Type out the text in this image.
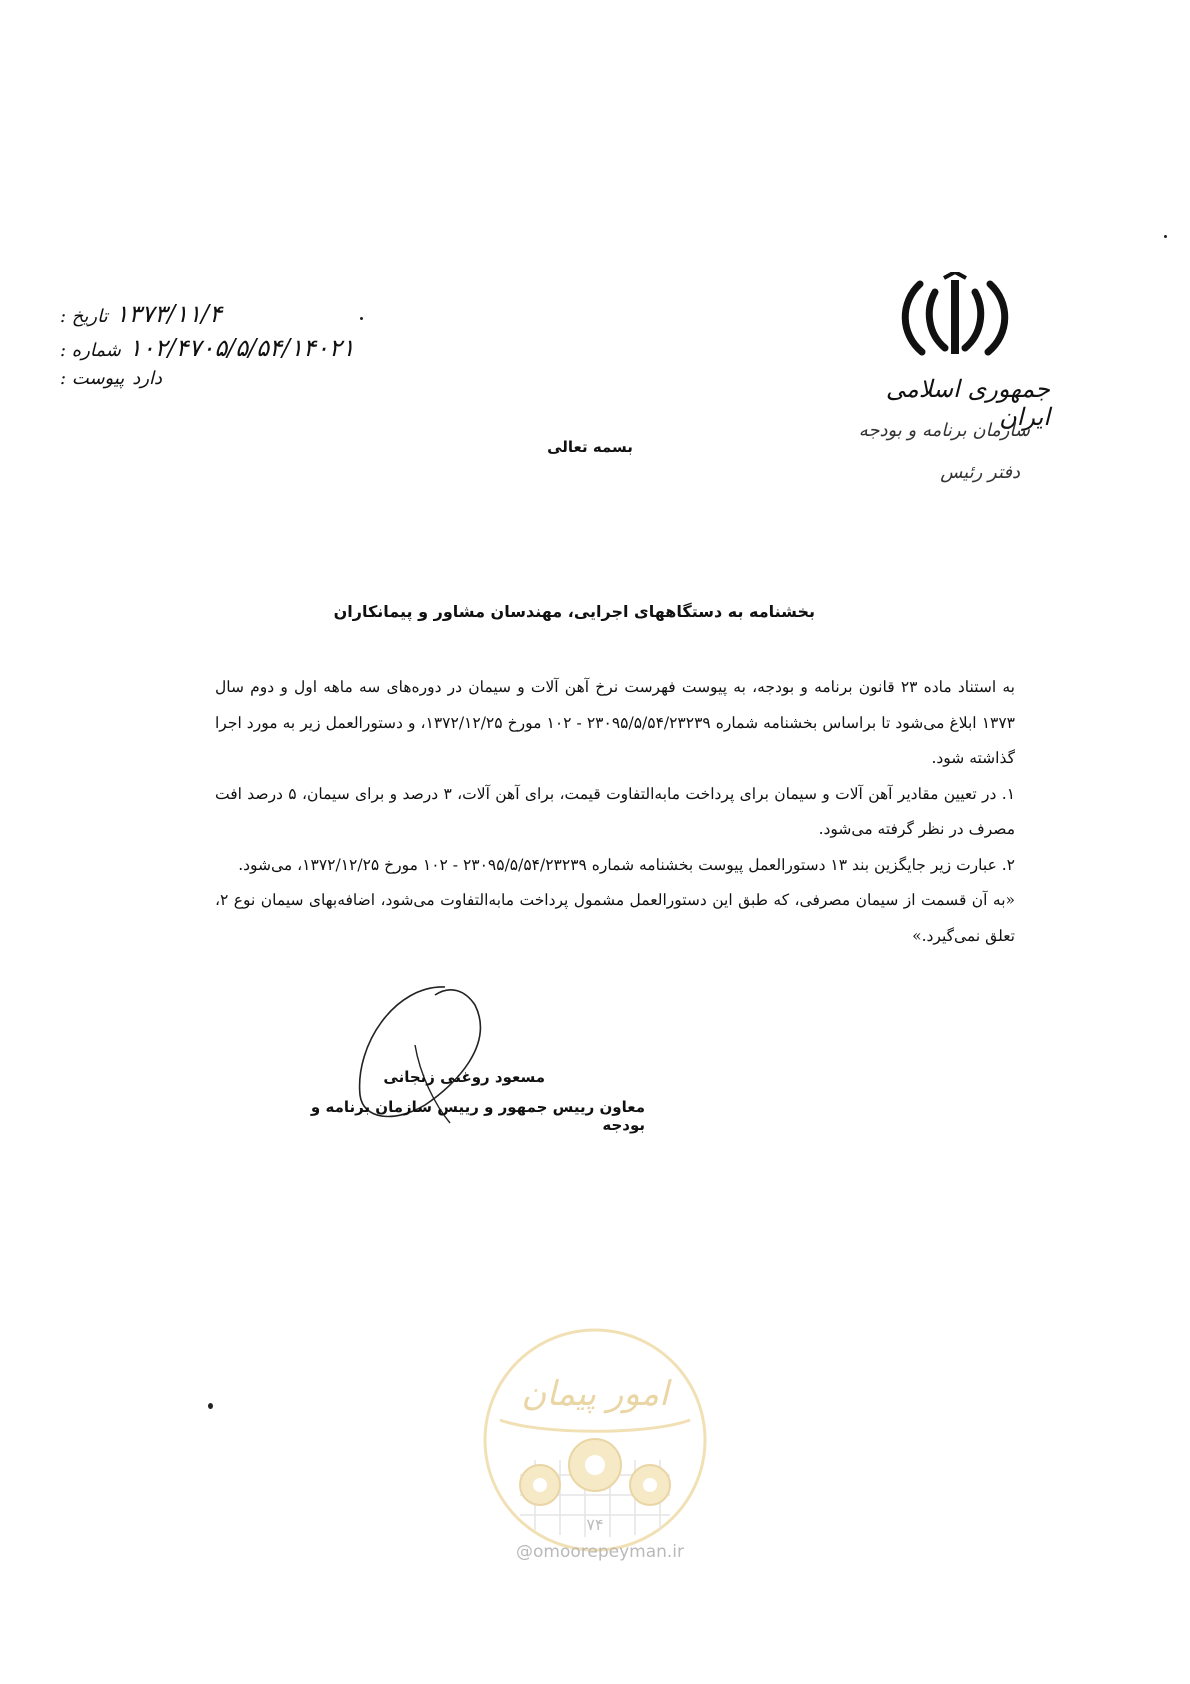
۱۳۷۳/۱۱/۴
تاریخ :
۱۰۲/۴۷۰۵/۵/۵۴/۱۴۰۲۱
شماره :
دارد
پیوست :	جمهوری اسلامی ایران
سازمان برنامه و بودجه
دفتر رئیس
بسمه تعالی
بخشنامه به دستگاههای اجرایی، مهندسان مشاور و پیمانکاران

به استناد ماده ۲۳ قانون برنامه و بودجه، به پیوست فهرست نرخ آهن آلات و سیمان در دوره‌های سه ماهه اول و دوم سال ۱۳۷۳ ابلاغ می‌شود تا براساس بخشنامه شماره ۲۳۰۹۵/۵/۵۴/۲۳۲۳۹ - ۱۰۲ مورخ ۱۳۷۲/۱۲/۲۵، و دستورالعمل زیر به مورد اجرا گذاشته شود.

۱. در تعیین مقادیر آهن آلات و سیمان برای پرداخت مابه‌التفاوت قیمت، برای آهن آلات، ۳ درصد و برای سیمان، ۵ درصد افت مصرف در نظر گرفته می‌شود.

۲. عبارت زیر جایگزین بند ۱۳ دستورالعمل پیوست بخشنامه شماره ۲۳۰۹۵/۵/۵۴/۲۳۲۳۹ - ۱۰۲ مورخ ۱۳۷۲/۱۲/۲۵، می‌شود.

«به آن قسمت از سیمان مصرفی، که طبق این دستورالعمل مشمول پرداخت مابه‌التفاوت می‌شود، اضافه‌بهای سیمان نوع ۲، تعلق نمی‌گیرد.»

مسعود روغنی زنجانی
معاون رییس جمهور و رییس سازمان برنامه و بودجه
امور پیمان
۷۴
@omoorepeyman.ir
